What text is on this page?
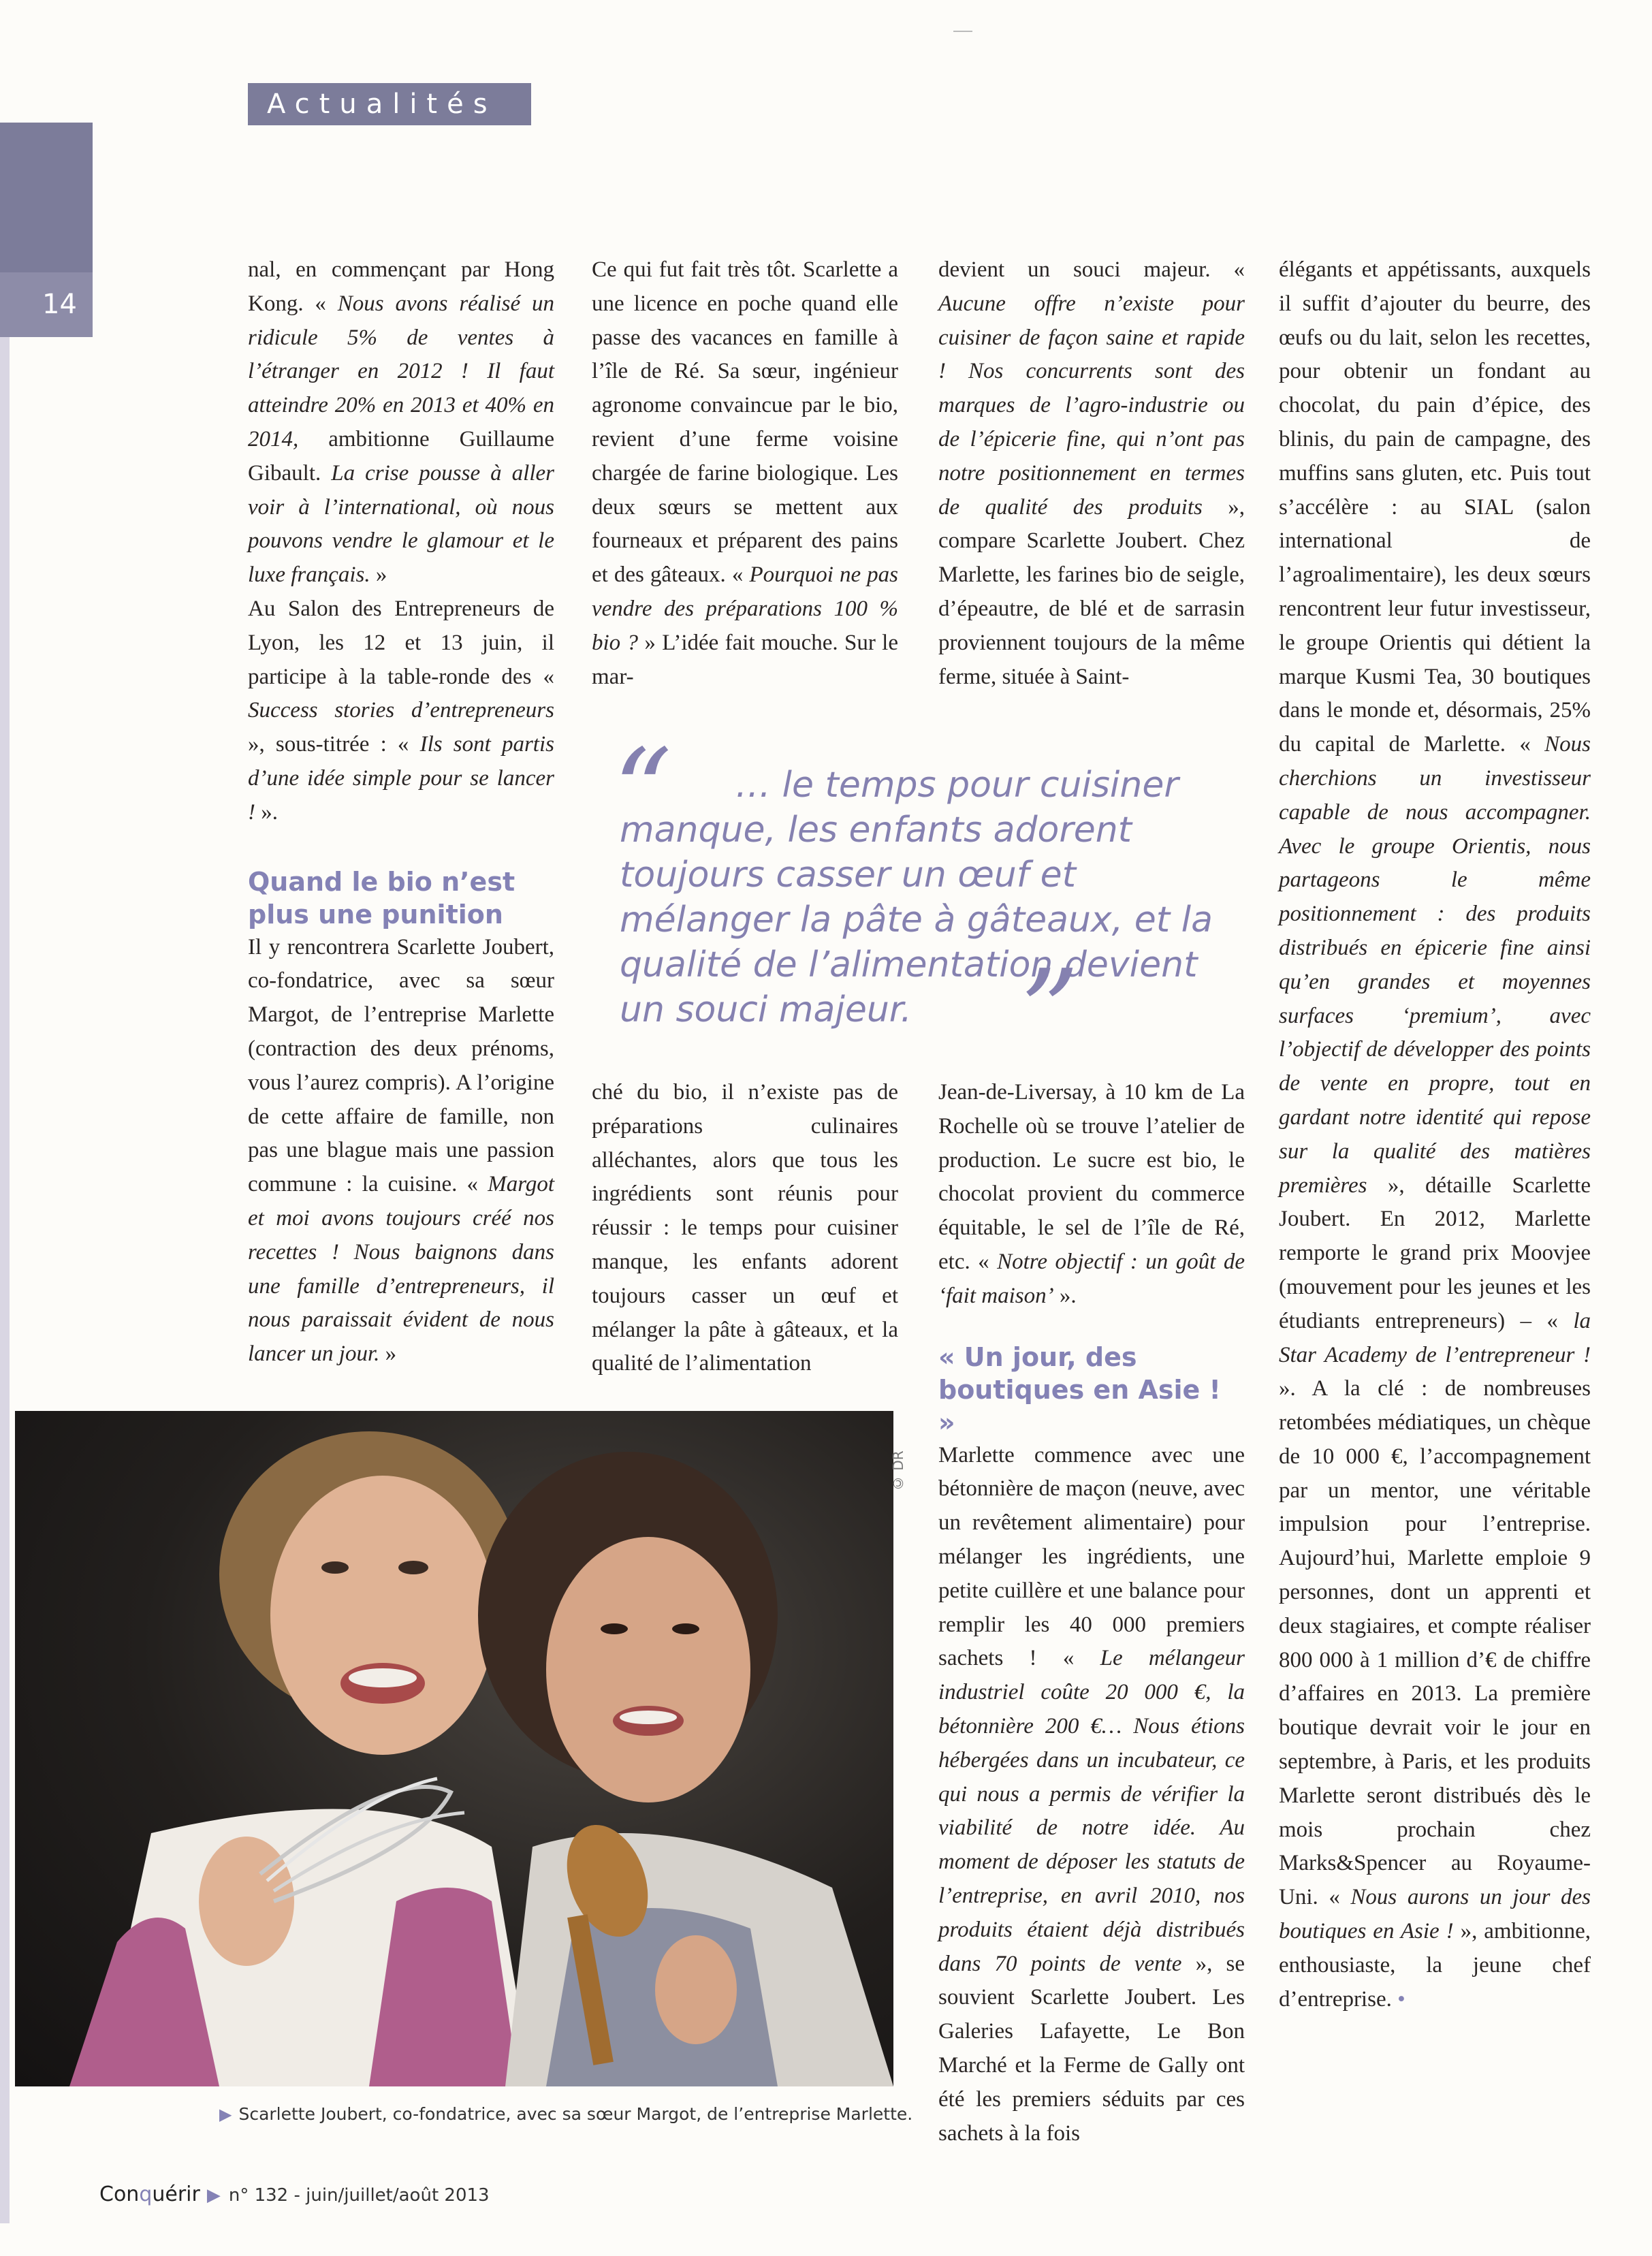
Actualités
14

nal, en commençant par Hong Kong. « Nous avons réalisé un ridicule 5% de ventes à l’étranger en 2012 ! Il faut atteindre 20% en 2013 et 40% en 2014, ambitionne Guillaume Gibault. La crise pousse à aller voir à l’international, où nous pouvons vendre le glamour et le luxe français. »

Au Salon des Entrepreneurs de Lyon, les 12 et 13 juin, il participe à la table-ronde des « Success stories d’entrepreneurs », sous-titrée : « Ils sont partis d’une idée simple pour se lancer ! ».

Quand le bio n’est plus une punition

Il y rencontrera Scarlette Joubert, co-fondatrice, avec sa sœur Margot, de l’entreprise Marlette (contraction des deux prénoms, vous l’aurez compris). A l’origine de cette affaire de famille, non pas une blague mais une passion commune : la cuisine. « Margot et moi avons toujours créé nos recettes ! Nous baignons dans une famille d’entrepreneurs, il nous paraissait évident de nous lancer un jour. »

Ce qui fut fait très tôt. Scarlette a une licence en poche quand elle passe des vacances en famille à l’île de Ré. Sa sœur, ingénieur agronome convaincue par le bio, revient d’une ferme voisine chargée de farine biologique. Les deux sœurs se mettent aux fourneaux et préparent des pains et des gâteaux. « Pourquoi ne pas vendre des préparations 100 % bio ? » L’idée fait mouche. Sur le mar-

devient un souci majeur. « Aucune offre n’existe pour cuisiner de façon saine et rapide ! Nos concurrents sont des marques de l’agro-industrie ou de l’épicerie fine, qui n’ont pas notre positionnement en termes de qualité des produits », compare Scarlette Joubert. Chez Marlette, les farines bio de seigle, d’épeautre, de blé et de sarrasin proviennent toujours de la même ferme, située à Saint-

“	… le temps pour cuisiner manque, les enfants adorent toujours casser un œuf et mélanger la pâte à gâteaux, et la qualité de l’alimentation devient un souci majeur. ”

ché du bio, il n’existe pas de préparations culinaires alléchantes, alors que tous les ingrédients sont réunis pour réussir : le temps pour cuisiner manque, les enfants adorent toujours casser un œuf et mélanger la pâte à gâteaux, et la qualité de l’alimentation

Jean-de-Liversay, à 10 km de La Rochelle où se trouve l’atelier de production. Le sucre est bio, le chocolat provient du commerce équitable, le sel de l’île de Ré, etc. « Notre objectif : un goût de ‘fait maison’ ».

« Un jour, des boutiques en Asie ! »

Marlette commence avec une bétonnière de maçon (neuve, avec un revêtement alimentaire) pour mélanger les ingrédients, une petite cuillère et une balance pour remplir les 40 000 premiers sachets ! « Le mélangeur industriel coûte 20 000 €, la bétonnière 200 €… Nous étions hébergées dans un incubateur, ce qui nous a permis de vérifier la viabilité de notre idée. Au moment de déposer les statuts de l’entreprise, en avril 2010, nos produits étaient déjà distribués dans 70 points de vente », se souvient Scarlette Joubert. Les Galeries Lafayette, Le Bon Marché et la Ferme de Gally ont été les premiers séduits par ces sachets à la fois

élégants et appétissants, auxquels il suffit d’ajouter du beurre, des œufs ou du lait, selon les recettes, pour obtenir un fondant au chocolat, du pain d’épice, des blinis, du pain de campagne, des muffins sans gluten, etc. Puis tout s’accélère : au SIAL (salon international de l’agroalimentaire), les deux sœurs rencontrent leur futur investisseur, le groupe Orientis qui détient la marque Kusmi Tea, 30 boutiques dans le monde et, désormais, 25% du capital de Marlette. « Nous cherchions un investisseur capable de nous accompagner. Avec le groupe Orientis, nous partageons le même positionnement : des produits distribués en épicerie fine ainsi qu’en grandes et moyennes surfaces ‘premium’, avec l’objectif de développer des points de vente en propre, tout en gardant notre identité qui repose sur la qualité des matières premières », détaille Scarlette Joubert. En 2012, Marlette remporte le grand prix Moovjee (mouvement pour les jeunes et les étudiants entrepreneurs) – « la Star Academy de l’entrepreneur ! ». A la clé : de nombreuses retombées médiatiques, un chèque de 10 000 €, l’accompagnement par un mentor, une véritable impulsion pour l’entreprise. Aujourd’hui, Marlette emploie 9 personnes, dont un apprenti et deux stagiaires, et compte réaliser 800 000 à 1 million d’€ de chiffre d’affaires en 2013. La première boutique devrait voir le jour en septembre, à Paris, et les produits Marlette seront distribués dès le mois prochain chez Marks&Spencer au Royaume-Uni. « Nous aurons un jour des boutiques en Asie ! », ambitionne, enthousiaste, la jeune chef d’entreprise. •

© DR
▶ Scarlette Joubert, co-fondatrice, avec sa sœur Margot, de l’entreprise Marlette.
Conquérir ▶ n° 132 - juin/juillet/août 2013
